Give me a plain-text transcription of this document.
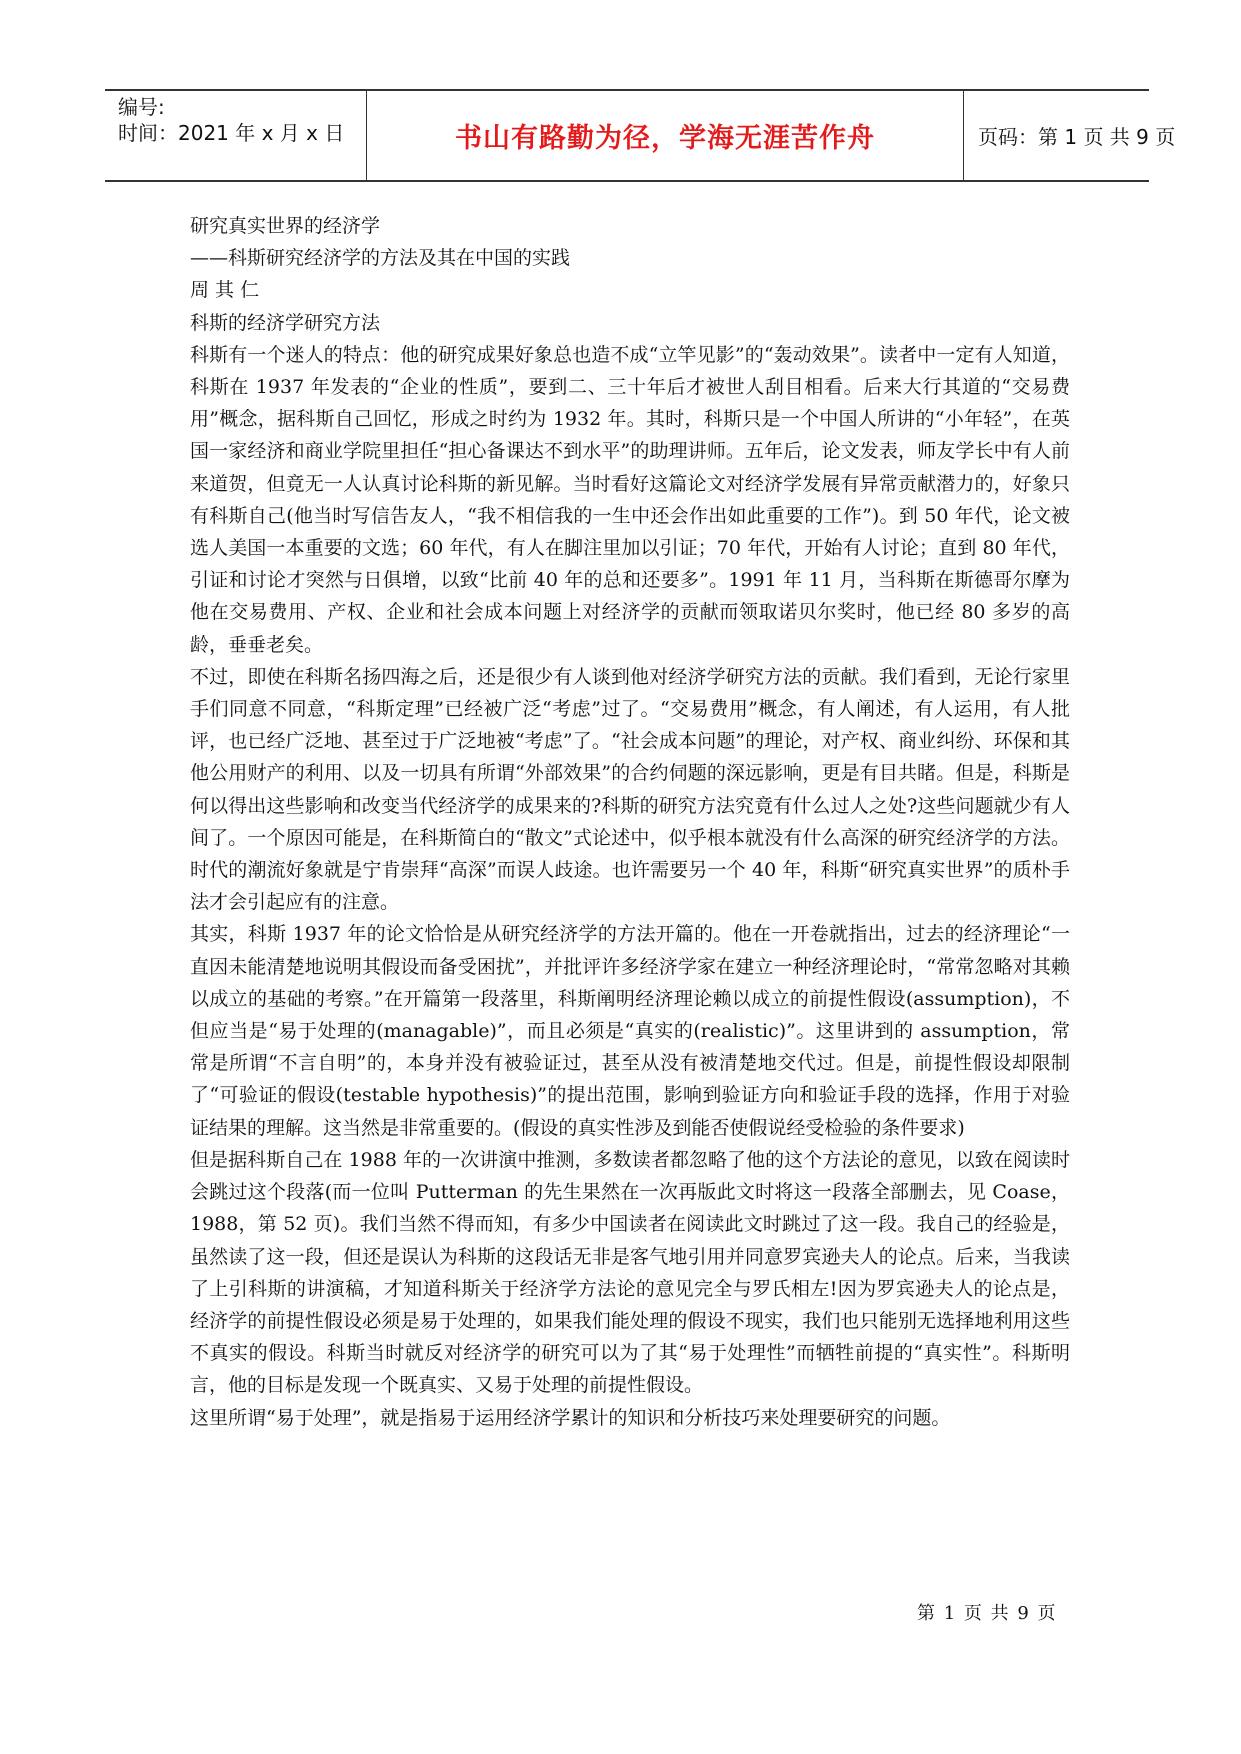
编号:
时间：2021 年 x 月 x 日	书山有路勤为径，学海无涯苦作舟	页码：第 1 页 共 9 页

研究真实世界的经济学

——科斯研究经济学的方法及其在中国的实践

周 其 仁

科斯的经济学研究方法

科斯有一个迷人的特点：他的研究成果好象总也造不成“立竿见影”的“轰动效果”。读者中一定有人知道，科斯在 1937 年发表的“企业的性质”，要到二、三十年后才被世人刮目相看。后来大行其道的“交易费用”概念，据科斯自己回忆，形成之时约为 1932 年。其时，科斯只是一个中国人所讲的“小年轻”，在英国一家经济和商业学院里担任“担心备课达不到水平”的助理讲师。五年后，论文发表，师友学长中有人前来道贺，但竟无一人认真讨论科斯的新见解。当时看好这篇论文对经济学发展有异常贡献潜力的，好象只有科斯自己(他当时写信告友人，“我不相信我的一生中还会作出如此重要的工作”)。到 50 年代，论文被选人美国一本重要的文选；60 年代，有人在脚注里加以引证；70 年代，开始有人讨论；直到 80 年代，引证和讨论才突然与日俱增，以致“比前 40 年的总和还要多”。1991 年 11 月，当科斯在斯德哥尔摩为他在交易费用、产权、企业和社会成本问题上对经济学的贡献而领取诺贝尔奖时，他已经 80 多岁的高龄，垂垂老矣。

不过，即使在科斯名扬四海之后，还是很少有人谈到他对经济学研究方法的贡献。我们看到，无论行家里手们同意不同意，“科斯定理”已经被广泛“考虑”过了。“交易费用”概念，有人阐述，有人运用，有人批评，也已经广泛地、甚至过于广泛地被“考虑”了。“社会成本问题”的理论，对产权、商业纠纷、环保和其他公用财产的利用、以及一切具有所谓“外部效果”的合约伺题的深远影响，更是有目共睹。但是，科斯是何以得出这些影响和改变当代经济学的成果来的?科斯的研究方法究竟有什么过人之处?这些问题就少有人间了。一个原因可能是，在科斯简白的“散文”式论述中，似乎根本就没有什么高深的研究经济学的方法。时代的潮流好象就是宁肯崇拜“高深”而误人歧途。也许需要另一个 40 年，科斯“研究真实世界”的质朴手法才会引起应有的注意。

其实，科斯 1937 年的论文恰恰是从研究经济学的方法开篇的。他在一开卷就指出，过去的经济理论“一直因未能清楚地说明其假设而备受困扰”，并批评许多经济学家在建立一种经济理论时，“常常忽略对其赖以成立的基础的考察。”在开篇第一段落里，科斯阐明经济理论赖以成立的前提性假设(assumption)，不但应当是“易于处理的(managable)”，而且必须是“真实的(realistic)”。这里讲到的 assumption，常常是所谓“不言自明”的，本身并没有被验证过，甚至从没有被清楚地交代过。但是，前提性假设却限制了“可验证的假设(testable hypothesis)”的提出范围，影响到验证方向和验证手段的选择，作用于对验证结果的理解。这当然是非常重要的。(假设的真实性涉及到能否使假说经受检验的条件要求)

但是据科斯自己在 1988 年的一次讲演中推测，多数读者都忽略了他的这个方法论的意见，以致在阅读时会跳过这个段落(而一位叫 Putterman 的先生果然在一次再版此文时将这一段落全部删去，见 Coase，1988，第 52 页)。我们当然不得而知，有多少中国读者在阅读此文时跳过了这一段。我自己的经验是，虽然读了这一段，但还是误认为科斯的这段话无非是客气地引用并同意罗宾逊夫人的论点。后来，当我读了上引科斯的讲演稿，才知道科斯关于经济学方法论的意见完全与罗氏相左!因为罗宾逊夫人的论点是，经济学的前提性假设必须是易于处理的，如果我们能处理的假设不现实，我们也只能别无选择地利用这些不真实的假设。科斯当时就反对经济学的研究可以为了其“易于处理性”而牺牲前提的“真实性”。科斯明言，他的目标是发现一个既真实、又易于处理的前提性假设。

这里所谓“易于处理”，就是指易于运用经济学累计的知识和分析技巧来处理要研究的问题。

第 1 页 共 9 页
